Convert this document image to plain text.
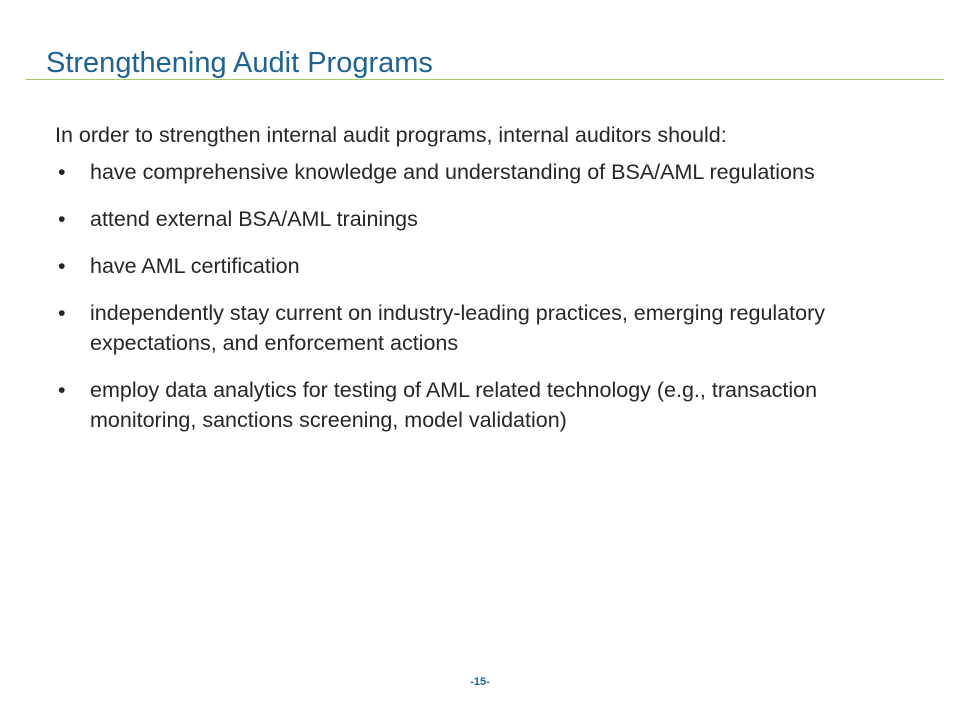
Strengthening Audit Programs

In order to strengthen internal audit programs, internal auditors should:

• have comprehensive knowledge and understanding of BSA/AML regulations
• attend external BSA/AML trainings
• have AML certification
• independently stay current on industry-leading practices, emerging regulatory expectations, and enforcement actions
• employ data analytics for testing of AML related technology (e.g., transaction monitoring, sanctions screening, model validation)
-15-
